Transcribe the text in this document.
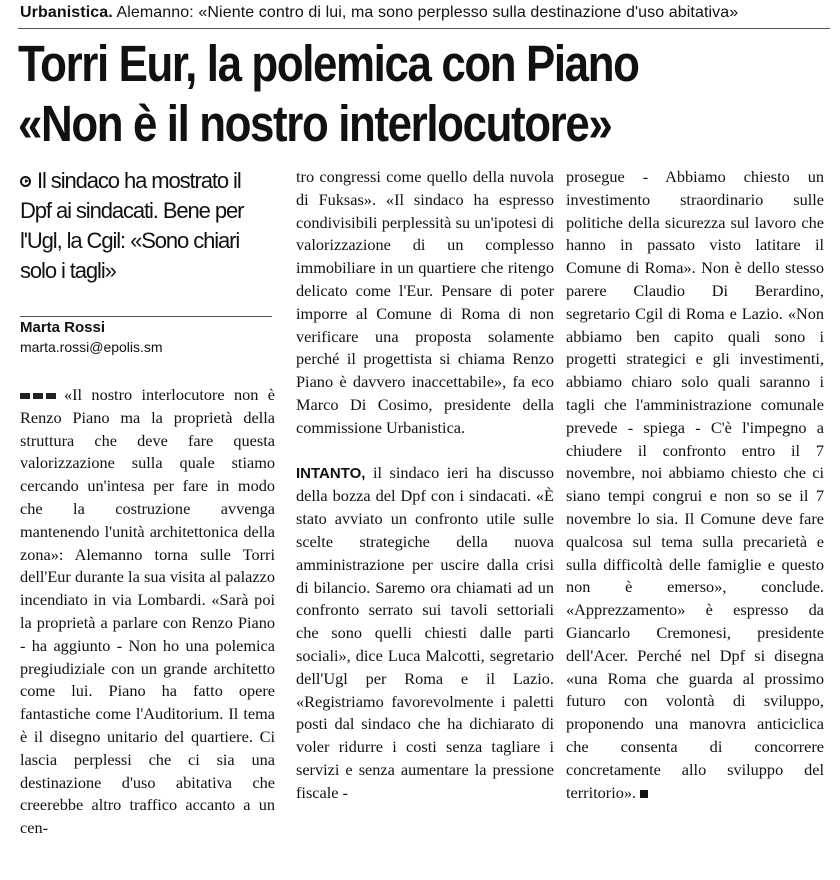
Urbanistica. Alemanno: «Niente contro di lui, ma sono perplesso sulla destinazione d'uso abitativa»
Torri Eur, la polemica con Piano
«Non è il nostro interlocutore»
Il sindaco ha mostrato il Dpf ai sindacati. Bene per l'Ugl, la Cgil: «Sono chiari solo i tagli»
Marta Rossi
marta.rossi@epolis.sm

«Il nostro interlocutore non è Renzo Piano ma la proprietà della struttura che deve fare questa valorizzazione sulla quale stiamo cercando un'intesa per fare in modo che la costruzione avvenga mantenendo l'unità architettonica della zona»: Alemanno torna sulle Torri dell'Eur durante la sua visita al palazzo incendiato in via Lombardi. «Sarà poi la proprietà a parlare con Renzo Piano - ha aggiunto - Non ho una polemica pregiudiziale con un grande architetto come lui. Piano ha fatto opere fantastiche come l'Auditorium. Il tema è il disegno unitario del quartiere. Ci lascia perplessi che ci sia una destinazione d'uso abitativa che creerebbe altro traffico accanto a un cen-

tro congressi come quello della nuvola di Fuksas». «Il sindaco ha espresso condivisibili perplessità su un'ipotesi di valorizzazione di un complesso immobiliare in un quartiere che ritengo delicato come l'Eur. Pensare di poter imporre al Comune di Roma di non verificare una proposta solamente perché il progettista si chiama Renzo Piano è davvero inaccettabile», fa eco Marco Di Cosimo, presidente della commissione Urbanistica.

INTANTO, il sindaco ieri ha discusso della bozza del Dpf con i sindacati. «È stato avviato un confronto utile sulle scelte strategiche della nuova amministrazione per uscire dalla crisi di bilancio. Saremo ora chiamati ad un confronto serrato sui tavoli settoriali che sono quelli chiesti dalle parti sociali», dice Luca Malcotti, segretario dell'Ugl per Roma e il Lazio. «Registriamo favorevolmente i paletti posti dal sindaco che ha dichiarato di voler ridurre i costi senza tagliare i servizi e senza aumentare la pressione fiscale -

prosegue - Abbiamo chiesto un investimento straordinario sulle politiche della sicurezza sul lavoro che hanno in passato visto latitare il Comune di Roma». Non è dello stesso parere Claudio Di Berardino, segretario Cgil di Roma e Lazio. «Non abbiamo ben capito quali sono i progetti strategici e gli investimenti, abbiamo chiaro solo quali saranno i tagli che l'amministrazione comunale prevede - spiega - C'è l'impegno a chiudere il confronto entro il 7 novembre, noi abbiamo chiesto che ci siano tempi congrui e non so se il 7 novembre lo sia. Il Comune deve fare qualcosa sul tema sulla precarietà e sulla difficoltà delle famiglie e questo non è emerso», conclude. «Apprezzamento» è espresso da Giancarlo Cremonesi, presidente dell'Acer. Perché nel Dpf si disegna «una Roma che guarda al prossimo futuro con volontà di sviluppo, proponendo una manovra anticiclica che consenta di concorrere concretamente allo sviluppo del territorio».
